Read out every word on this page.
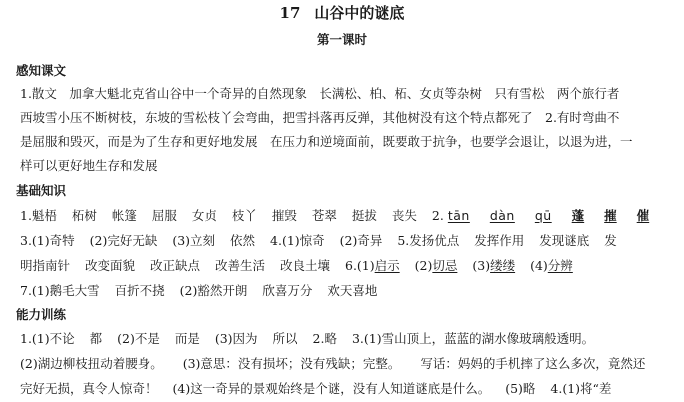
17 山谷中的谜底
第一课时
感知课文
1.散文　加拿大魁北克省山谷中一个奇异的自然现象　长满松、柏、柘、女贞等杂树　只有雪松　两个旅行者
西坡雪小压不断树枝，东坡的雪松枝丫会弯曲，把雪抖落再反弹，其他树没有这个特点都死了　2.有时弯曲不
是屈服和毁灭，而是为了生存和更好地发展　在压力和逆境面前，既要敢于抗争，也要学会退让，以退为进，一
样可以更好地生存和发展
基础知识
1.魁梧 柘树 帐篷 屈服 女贞 枝丫 摧毁 苍翠 挺拔 丧失 2. tān dàn qū 蓬 摧 催
3.(1)奇特 (2)完好无缺 (3)立刻 依然 4.(1)惊奇 (2)奇异 5.发扬优点 发挥作用 发现谜底 发
明指南针 改变面貌 改正缺点 改善生活 改良土壤 6.(1)启示 (2)切忌 (3)缕缕 (4)分辨
7.(1)鹅毛大雪 百折不挠 (2)豁然开朗 欣喜万分 欢天喜地
能力训练
1.(1)不论 都 (2)不是 而是 (3)因为 所以 2.略 3.(1)雪山顶上，蓝蓝的湖水像玻璃般透明。
(2)湖边柳枝扭动着腰身。 (3)意思：没有损坏；没有残缺；完整。 写话：妈妈的手机摔了这么多次，竟然还
完好无损，真令人惊奇！ (4)这一奇异的景观始终是个谜，没有人知道谜底是什么。 (5)略 4.(1)将“差
